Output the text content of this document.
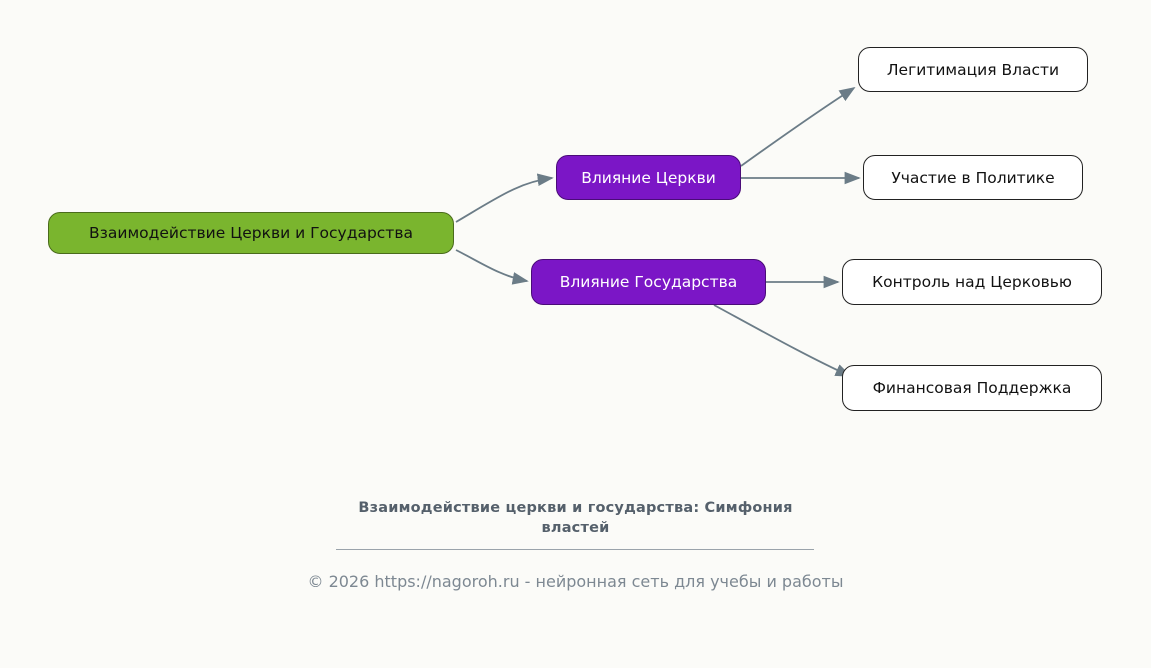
Взаимодействие Церкви и Государства
Влияние Церкви
Влияние Государства
Легитимация Власти
Участие в Политике
Контроль над Церковью
Финансовая Поддержка
Взаимодействие церкви и государства: Симфония
властей
© 2026 https://nagoroh.ru - нейронная сеть для учебы и работы
